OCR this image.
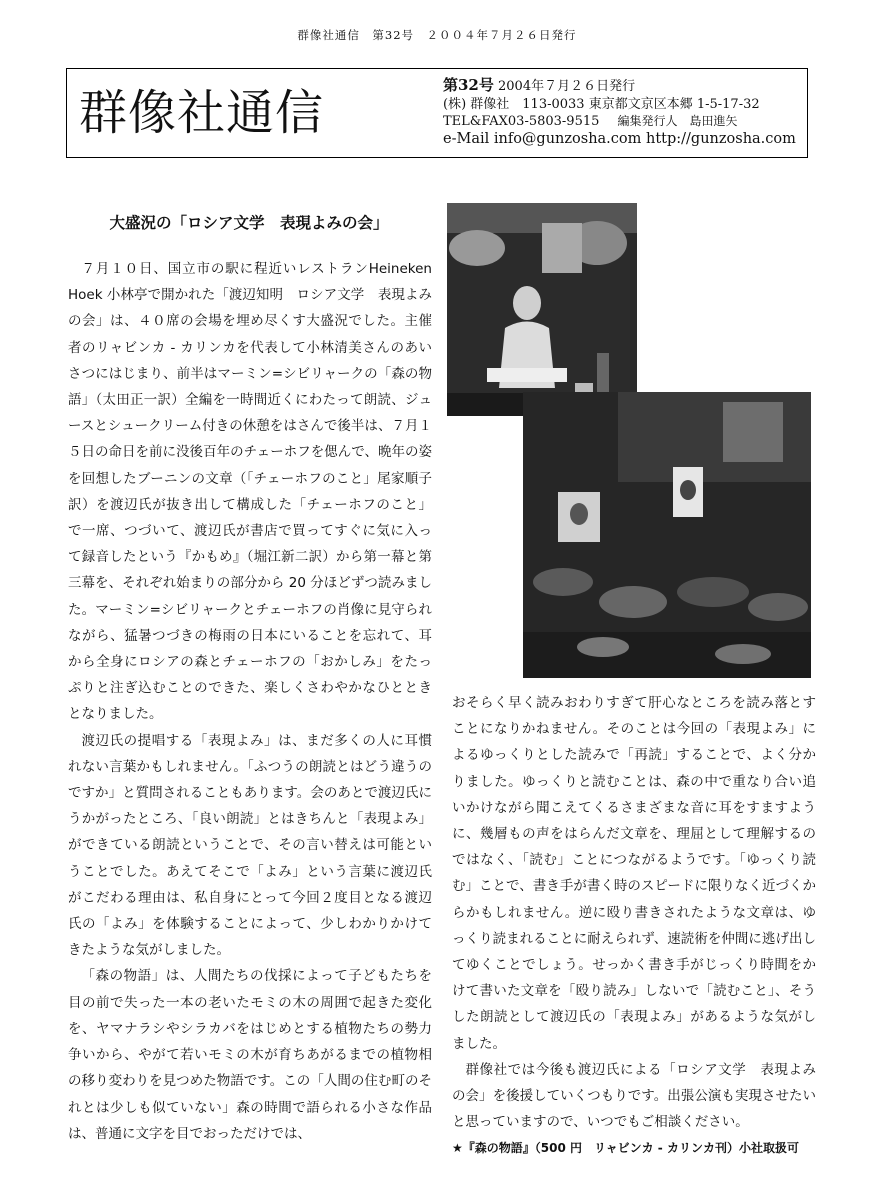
群像社通信　第32号　２００４年７月２６日発行
群像社通信	第32号 2004年７月２６日発行
(株) 群像社　113-0033 東京都文京区本郷 1-5-17-32
TEL&FAX03-5803-9515 編集発行人　島田進矢
e-Mail info@gunzosha.com http://gunzosha.com
大盛況の「ロシア文学　表現よみの会」

７月１０日、国立市の駅に程近いレストランHeineken Hoek 小林亭で開かれた「渡辺知明　ロシア文学　表現よみの会」は、４０席の会場を埋め尽くす大盛況でした。主催者のリャビンカ - カリンカを代表して小林清美さんのあいさつにはじまり、前半はマーミン=シビリャークの「森の物語」（太田正一訳）全編を一時間近くにわたって朗読、ジュースとシュークリーム付きの休憩をはさんで後半は、７月１５日の命日を前に没後百年のチェーホフを偲んで、晩年の姿を回想したブーニンの文章（「チェーホフのこと」尾家順子訳）を渡辺氏が抜き出して構成した「チェーホフのこと」で一席、つづいて、渡辺氏が書店で買ってすぐに気に入って録音したという『かもめ』（堀江新二訳）から第一幕と第三幕を、それぞれ始まりの部分から 20 分ほどずつ読みました。マーミン=シビリャークとチェーホフの肖像に見守られながら、猛暑つづきの梅雨の日本にいることを忘れて、耳から全身にロシアの森とチェーホフの「おかしみ」をたっぷりと注ぎ込むことのできた、楽しくさわやかなひとときとなりました。

渡辺氏の提唱する「表現よみ」は、まだ多くの人に耳慣れない言葉かもしれません。「ふつうの朗読とはどう違うのですか」と質問されることもあります。会のあとで渡辺氏にうかがったところ、「良い朗読」とはきちんと「表現よみ」ができている朗読ということで、その言い替えは可能ということでした。あえてそこで「よみ」という言葉に渡辺氏がこだわる理由は、私自身にとって今回２度目となる渡辺氏の「よみ」を体験することによって、少しわかりかけてきたような気がしました。

「森の物語」は、人間たちの伐採によって子どもたちを目の前で失った一本の老いたモミの木の周囲で起きた変化を、ヤマナラシやシラカバをはじめとする植物たちの勢力争いから、やがて若いモミの木が育ちあがるまでの植物相の移り変わりを見つめた物語です。この「人間の住む町のそれとは少しも似ていない」森の時間で語られる小さな作品は、普通に文字を目でおっただけでは、

おそらく早く読みおわりすぎて肝心なところを読み落とすことになりかねません。そのことは今回の「表現よみ」によるゆっくりとした読みで「再読」することで、よく分かりました。ゆっくりと読むことは、森の中で重なり合い追いかけながら聞こえてくるさまざまな音に耳をすますように、幾層もの声をはらんだ文章を、理屈として理解するのではなく、「読む」ことにつながるようです。「ゆっくり読む」ことで、書き手が書く時のスピードに限りなく近づくからかもしれません。逆に殴り書きされたような文章は、ゆっくり読まれることに耐えられず、速読術を仲間に逃げ出してゆくことでしょう。せっかく書き手がじっくり時間をかけて書いた文章を「殴り読み」しないで「読むこと」、そうした朗読として渡辺氏の「表現よみ」があるような気がしました。

群像社では今後も渡辺氏による「ロシア文学　表現よみの会」を後援していくつもりです。出張公演も実現させたいと思っていますので、いつでもご相談ください。

★『森の物語』（500 円　リャビンカ - カリンカ刊）小社取扱可
